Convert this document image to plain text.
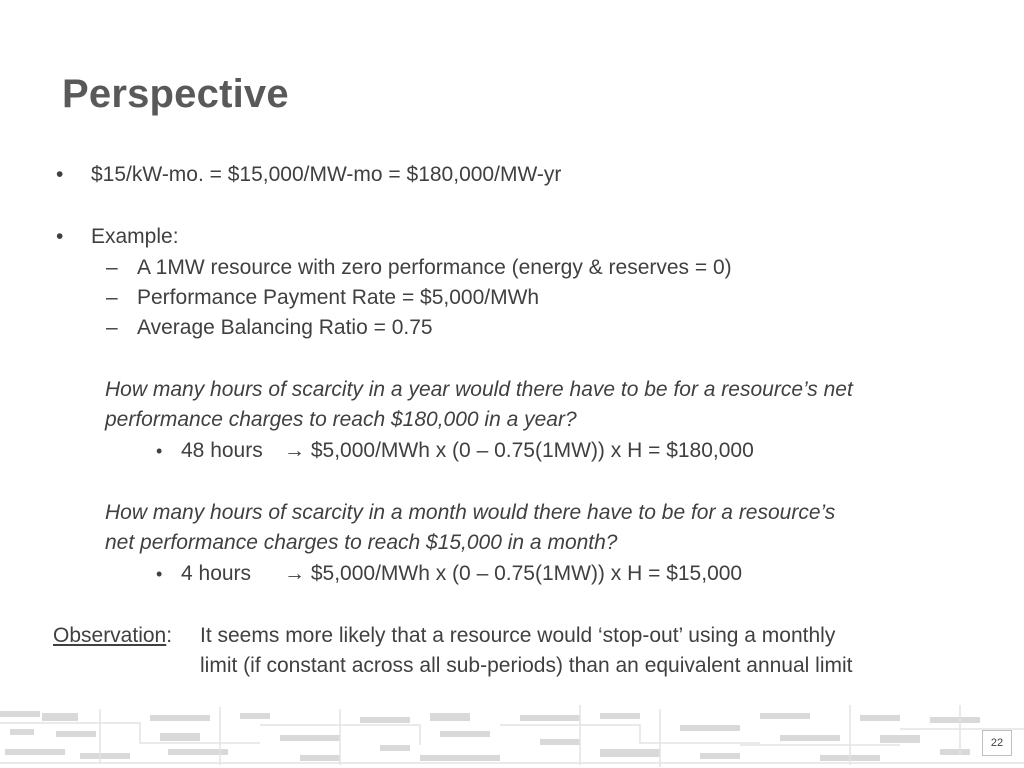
Perspective
• $15/kW-mo. = $15,000/MW-mo = $180,000/MW-yr
• Example:
– A 1MW resource with zero performance (energy & reserves = 0)
– Performance Payment Rate = $5,000/MWh
– Average Balancing Ratio = 0.75
How many hours of scarcity in a year would there have to be for a resource’s net
performance charges to reach $180,000 in a year?
• 48 hours → $5,000/MWh x (0 – 0.75(1MW)) x H = $180,000
How many hours of scarcity in a month would there have to be for a resource’s
net performance charges to reach $15,000 in a month?
• 4 hours → $5,000/MWh x (0 – 0.75(1MW)) x H = $15,000
Observation: It seems more likely that a resource would ‘stop-out’ using a monthly
limit (if constant across all sub-periods) than an equivalent annual limit
22
